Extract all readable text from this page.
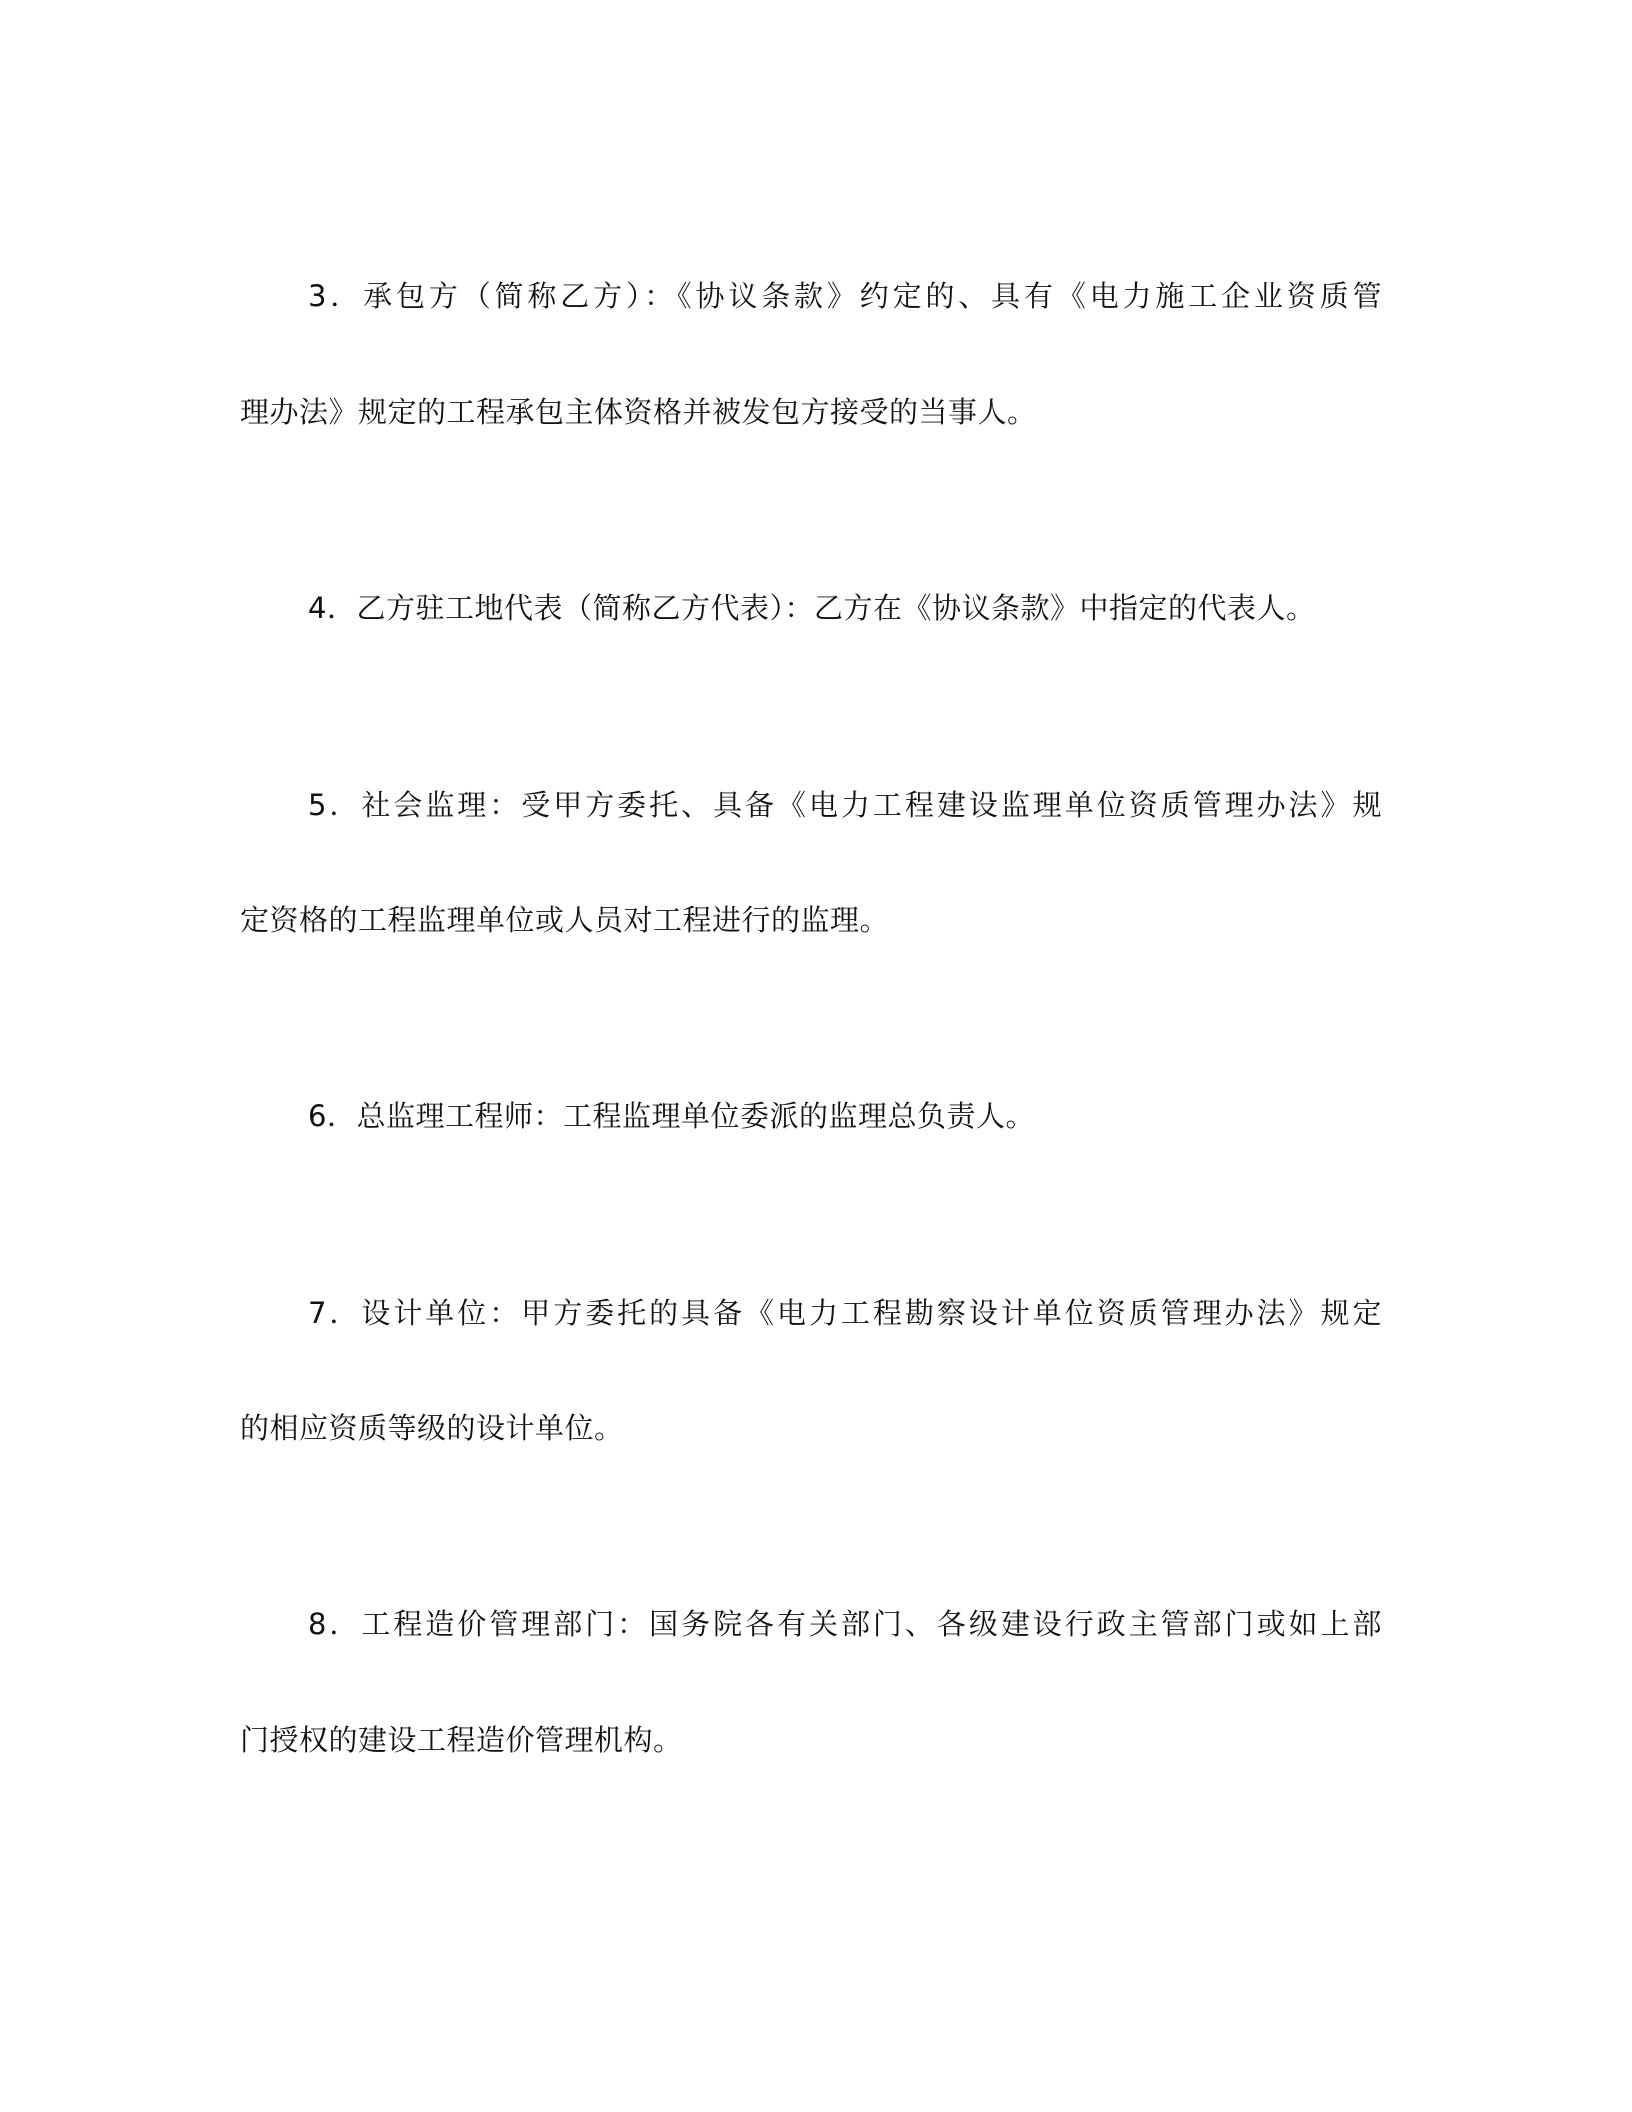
3．承包方（简称乙方）：《协议条款》约定的、具有《电力施工企业资质管
理办法》规定的工程承包主体资格并被发包方接受的当事人。
4．乙方驻工地代表（简称乙方代表）：乙方在《协议条款》中指定的代表人。
5．社会监理：受甲方委托、具备《电力工程建设监理单位资质管理办法》规
定资格的工程监理单位或人员对工程进行的监理。
6．总监理工程师：工程监理单位委派的监理总负责人。
7．设计单位：甲方委托的具备《电力工程勘察设计单位资质管理办法》规定
的相应资质等级的设计单位。
8．工程造价管理部门：国务院各有关部门、各级建设行政主管部门或如上部
门授权的建设工程造价管理机构。
